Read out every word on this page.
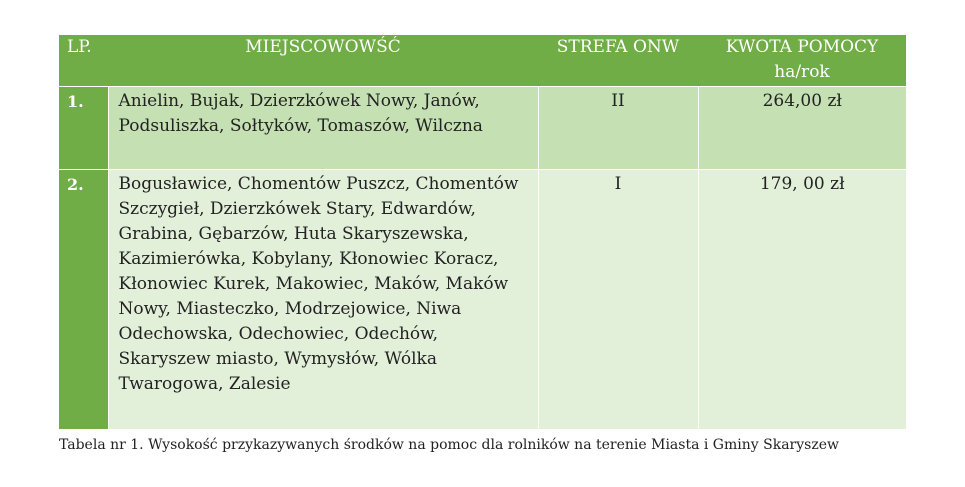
LP.	MIEJSCOWOWŚĆ	STREFA ONW	KWOTA POMOCY
ha/rok

1.	Anielin, Bujak, Dzierzkówek Nowy, Janów, Podsuliszka, Sołtyków, Tomaszów, Wilczna	II	264,00 zł
2.	Bogusławice, Chomentów Puszcz, Chomentów Szczygieł, Dzierzkówek Stary, Edwardów, Grabina, Gębarzów, Huta Skaryszewska, Kazimierówka, Kobylany, Kłonowiec Koracz, Kłonowiec Kurek, Makowiec, Maków, Maków Nowy, Miasteczko, Modrzejowice, Niwa Odechowska, Odechowiec, Odechów, Skaryszew miasto, Wymysłów, Wólka Twarogowa, Zalesie	I	179, 00 zł
Tabela nr 1. Wysokość przykazywanych środków na pomoc dla rolników na terenie Miasta i Gminy Skaryszew
